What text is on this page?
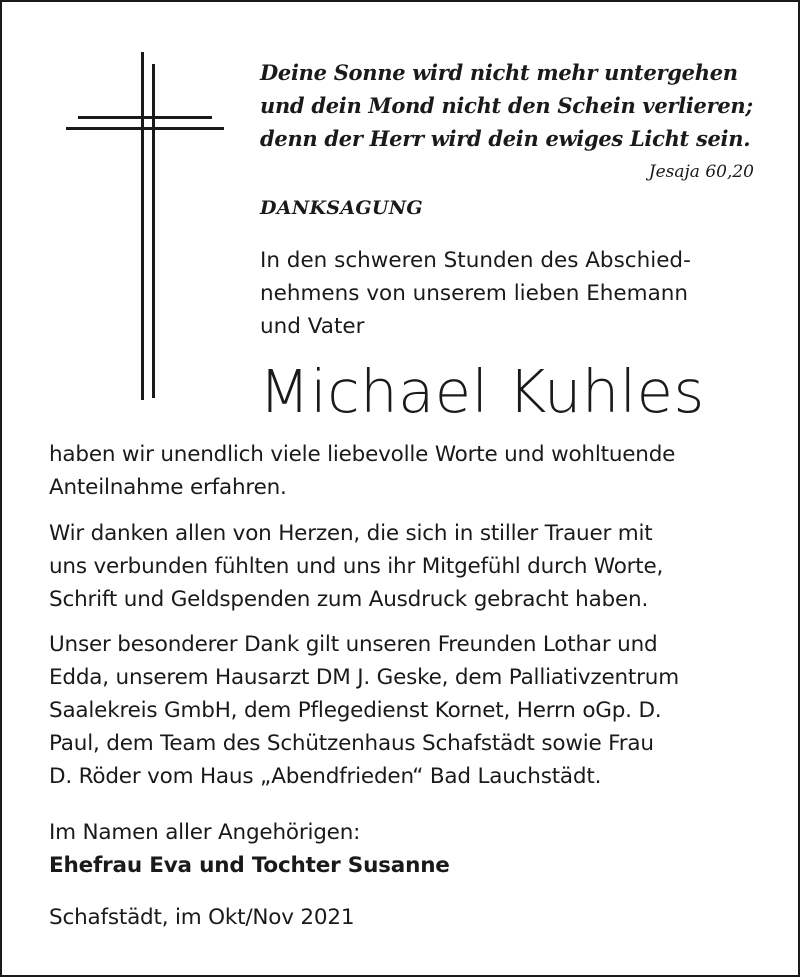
Deine Sonne wird nicht mehr untergehen
und dein Mond nicht den Schein verlieren;
denn der Herr wird dein ewiges Licht sein.
Jesaja 60,20
DANKSAGUNG
In den schweren Stunden des Abschied-
nehmens von unserem lieben Ehemann
und Vater
Michael Kuhles
haben wir unendlich viele liebevolle Worte und wohltuende
Anteilnahme erfahren.
Wir danken allen von Herzen, die sich in stiller Trauer mit
uns verbunden fühlten und uns ihr Mitgefühl durch Worte,
Schrift und Geldspenden zum Ausdruck gebracht haben.
Unser besonderer Dank gilt unseren Freunden Lothar und
Edda, unserem Hausarzt DM J. Geske, dem Palliativzentrum
Saalekreis GmbH, dem Pflegedienst Kornet, Herrn oGp. D.
Paul, dem Team des Schützenhaus Schafstädt sowie Frau
D. Röder vom Haus „Abendfrieden“ Bad Lauchstädt.
Im Namen aller Angehörigen:
Ehefrau Eva und Tochter Susanne
Schafstädt, im Okt/Nov 2021
